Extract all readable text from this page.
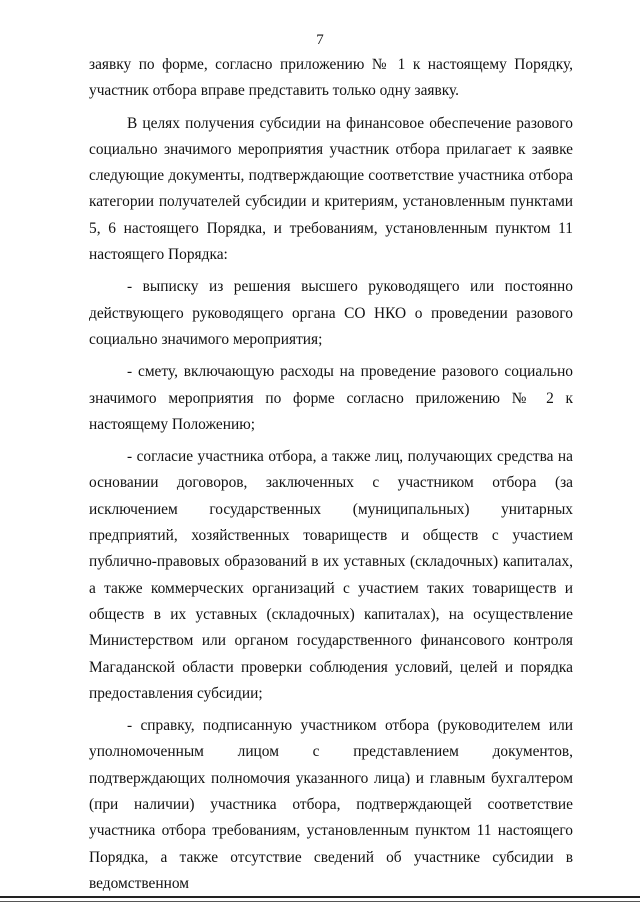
7

заявку по форме, согласно приложению № 1 к настоящему Порядку, участник отбора вправе представить только одну заявку.

В целях получения субсидии на финансовое обеспечение разового социально значимого мероприятия участник отбора прилагает к заявке следующие документы, подтверждающие соответствие участника отбора категории получателей субсидии и критериям, установленным пунктами 5, 6 настоящего Порядка, и требованиям, установленным пунктом 11 настоящего Порядка:

- выписку из решения высшего руководящего или постоянно действующего руководящего органа СО НКО о проведении разового социально значимого мероприятия;

- смету, включающую расходы на проведение разового социально значимого мероприятия по форме согласно приложению № 2 к настоящему Положению;

- согласие участника отбора, а также лиц, получающих средства на основании договоров, заключенных с участником отбора (за исключением государственных (муниципальных) унитарных предприятий, хозяйственных товариществ и обществ с участием публично-правовых образований в их уставных (складочных) капиталах, а также коммерческих организаций с участием таких товариществ и обществ в их уставных (складочных) капиталах), на осуществление Министерством или органом государственного финансового контроля Магаданской области проверки соблюдения условий, целей и порядка предоставления субсидии;

- справку, подписанную участником отбора (руководителем или уполномоченным лицом с представлением документов, подтверждающих полномочия указанного лица) и главным бухгалтером (при наличии) участника отбора, подтверждающей соответствие участника отбора требованиям, установленным пунктом 11 настоящего Порядка, а также отсутствие сведений об участнике субсидии в ведомственном
